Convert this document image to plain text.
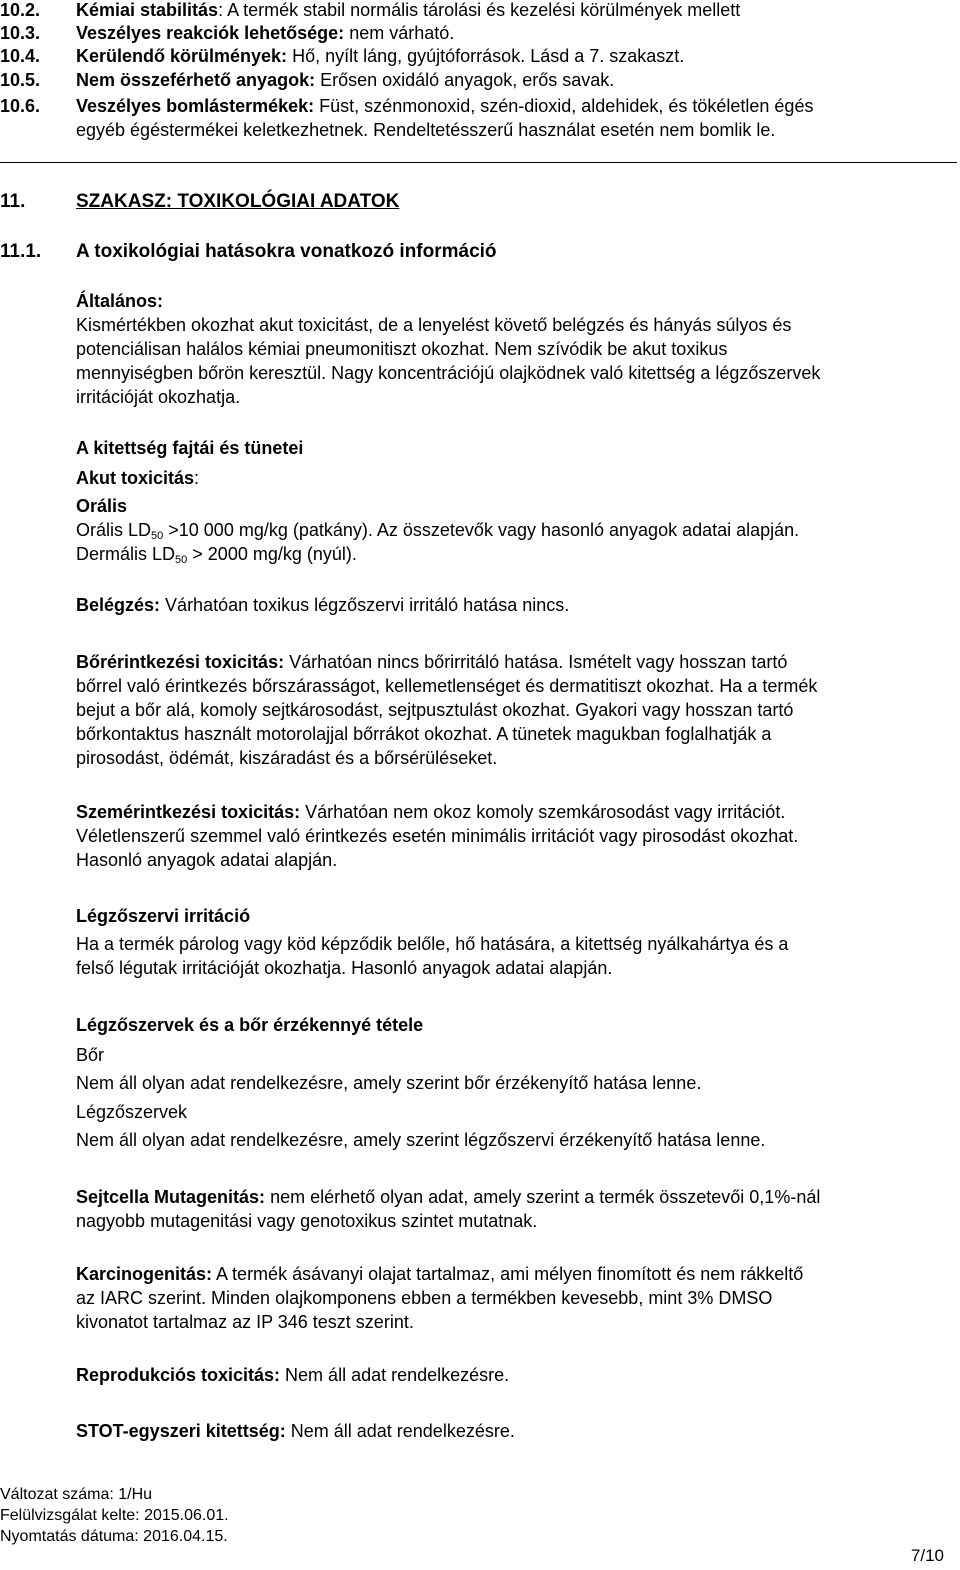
10.2. Kémiai stabilitás: A termék stabil normális tárolási és kezelési körülmények mellett
10.3. Veszélyes reakciók lehetősége: nem várható.
10.4. Kerülendő körülmények: Hő, nyílt láng, gyújtóforrások. Lásd a 7. szakaszt.
10.5. Nem összeférhető anyagok: Erősen oxidáló anyagok, erős savak.
10.6. Veszélyes bomlástermékek: Füst, szénmonoxid, szén-dioxid, aldehidek, és tökéletlen égés
egyéb égéstermékei keletkezhetnek. Rendeltetésszerű használat esetén nem bomlik le.
11.	SZAKASZ: TOXIKOLÓGIAI ADATOK
11.1. A toxikológiai hatásokra vonatkozó információ
Általános:
Kismértékben okozhat akut toxicitást, de a lenyelést követő belégzés és hányás súlyos és
potenciálisan halálos kémiai pneumonitiszt okozhat. Nem szívódik be akut toxikus
mennyiségben bőrön keresztül. Nagy koncentrációjú olajködnek való kitettség a légzőszervek
irritációját okozhatja.
A kitettség fajtái és tünetei
Akut toxicitás:
Orális
Orális $LD_{50} >10$ 000 mg/kg (patkány). Az összetevők vagy hasonló anyagok adatai alapján.
Dermális $LD_{50} > 2000$ mg/kg (nyúl).
Belégzés: Várhatóan toxikus légzőszervi irritáló hatása nincs.
Bőrérintkezési toxicitás: Várhatóan nincs bőrirritáló hatása. Ismételt vagy hosszan tartó
bőrrel való érintkezés bőrszárasságot, kellemetlenséget és dermatitiszt okozhat. Ha a termék
bejut a bőr alá, komoly sejtkárosodást, sejtpusztulást okozhat. Gyakori vagy hosszan tartó
bőrkontaktus használt motorolajjal bőrrákot okozhat. A tünetek magukban foglalhatják a
pirosodást, ödémát, kiszáradást és a bőrsérüléseket.
Szemérintkezési toxicitás: Várhatóan nem okoz komoly szemkárosodást vagy irritációt.
Véletlenszerű szemmel való érintkezés esetén minimális irritációt vagy pirosodást okozhat.
Hasonló anyagok adatai alapján.
Légzőszervi irritáció
Ha a termék párolog vagy köd képződik belőle, hő hatására, a kitettség nyálkahártya és a
felső légutak irritációját okozhatja. Hasonló anyagok adatai alapján.
Légzőszervek és a bőr érzékennyé tétele
Bőr
Nem áll olyan adat rendelkezésre, amely szerint bőr érzékenyítő hatása lenne.
Légzőszervek
Nem áll olyan adat rendelkezésre, amely szerint légzőszervi érzékenyítő hatása lenne.
Sejtcella Mutagenitás: nem elérhető olyan adat, amely szerint a termék összetevői 0,1%-nál
nagyobb mutagenitási vagy genotoxikus szintet mutatnak.
Karcinogenitás: A termék ásávanyi olajat tartalmaz, ami mélyen finomított és nem rákkeltő
az IARC szerint. Minden olajkomponens ebben a termékben kevesebb, mint 3% DMSO
kivonatot tartalmaz az IP 346 teszt szerint.
Reprodukciós toxicitás: Nem áll adat rendelkezésre.
STOT-egyszeri kitettség: Nem áll adat rendelkezésre.
Változat száma: 1/Hu
Felülvizsgálat kelte: 2015.06.01.
Nyomtatás dátuma: 2016.04.15.
7/10
